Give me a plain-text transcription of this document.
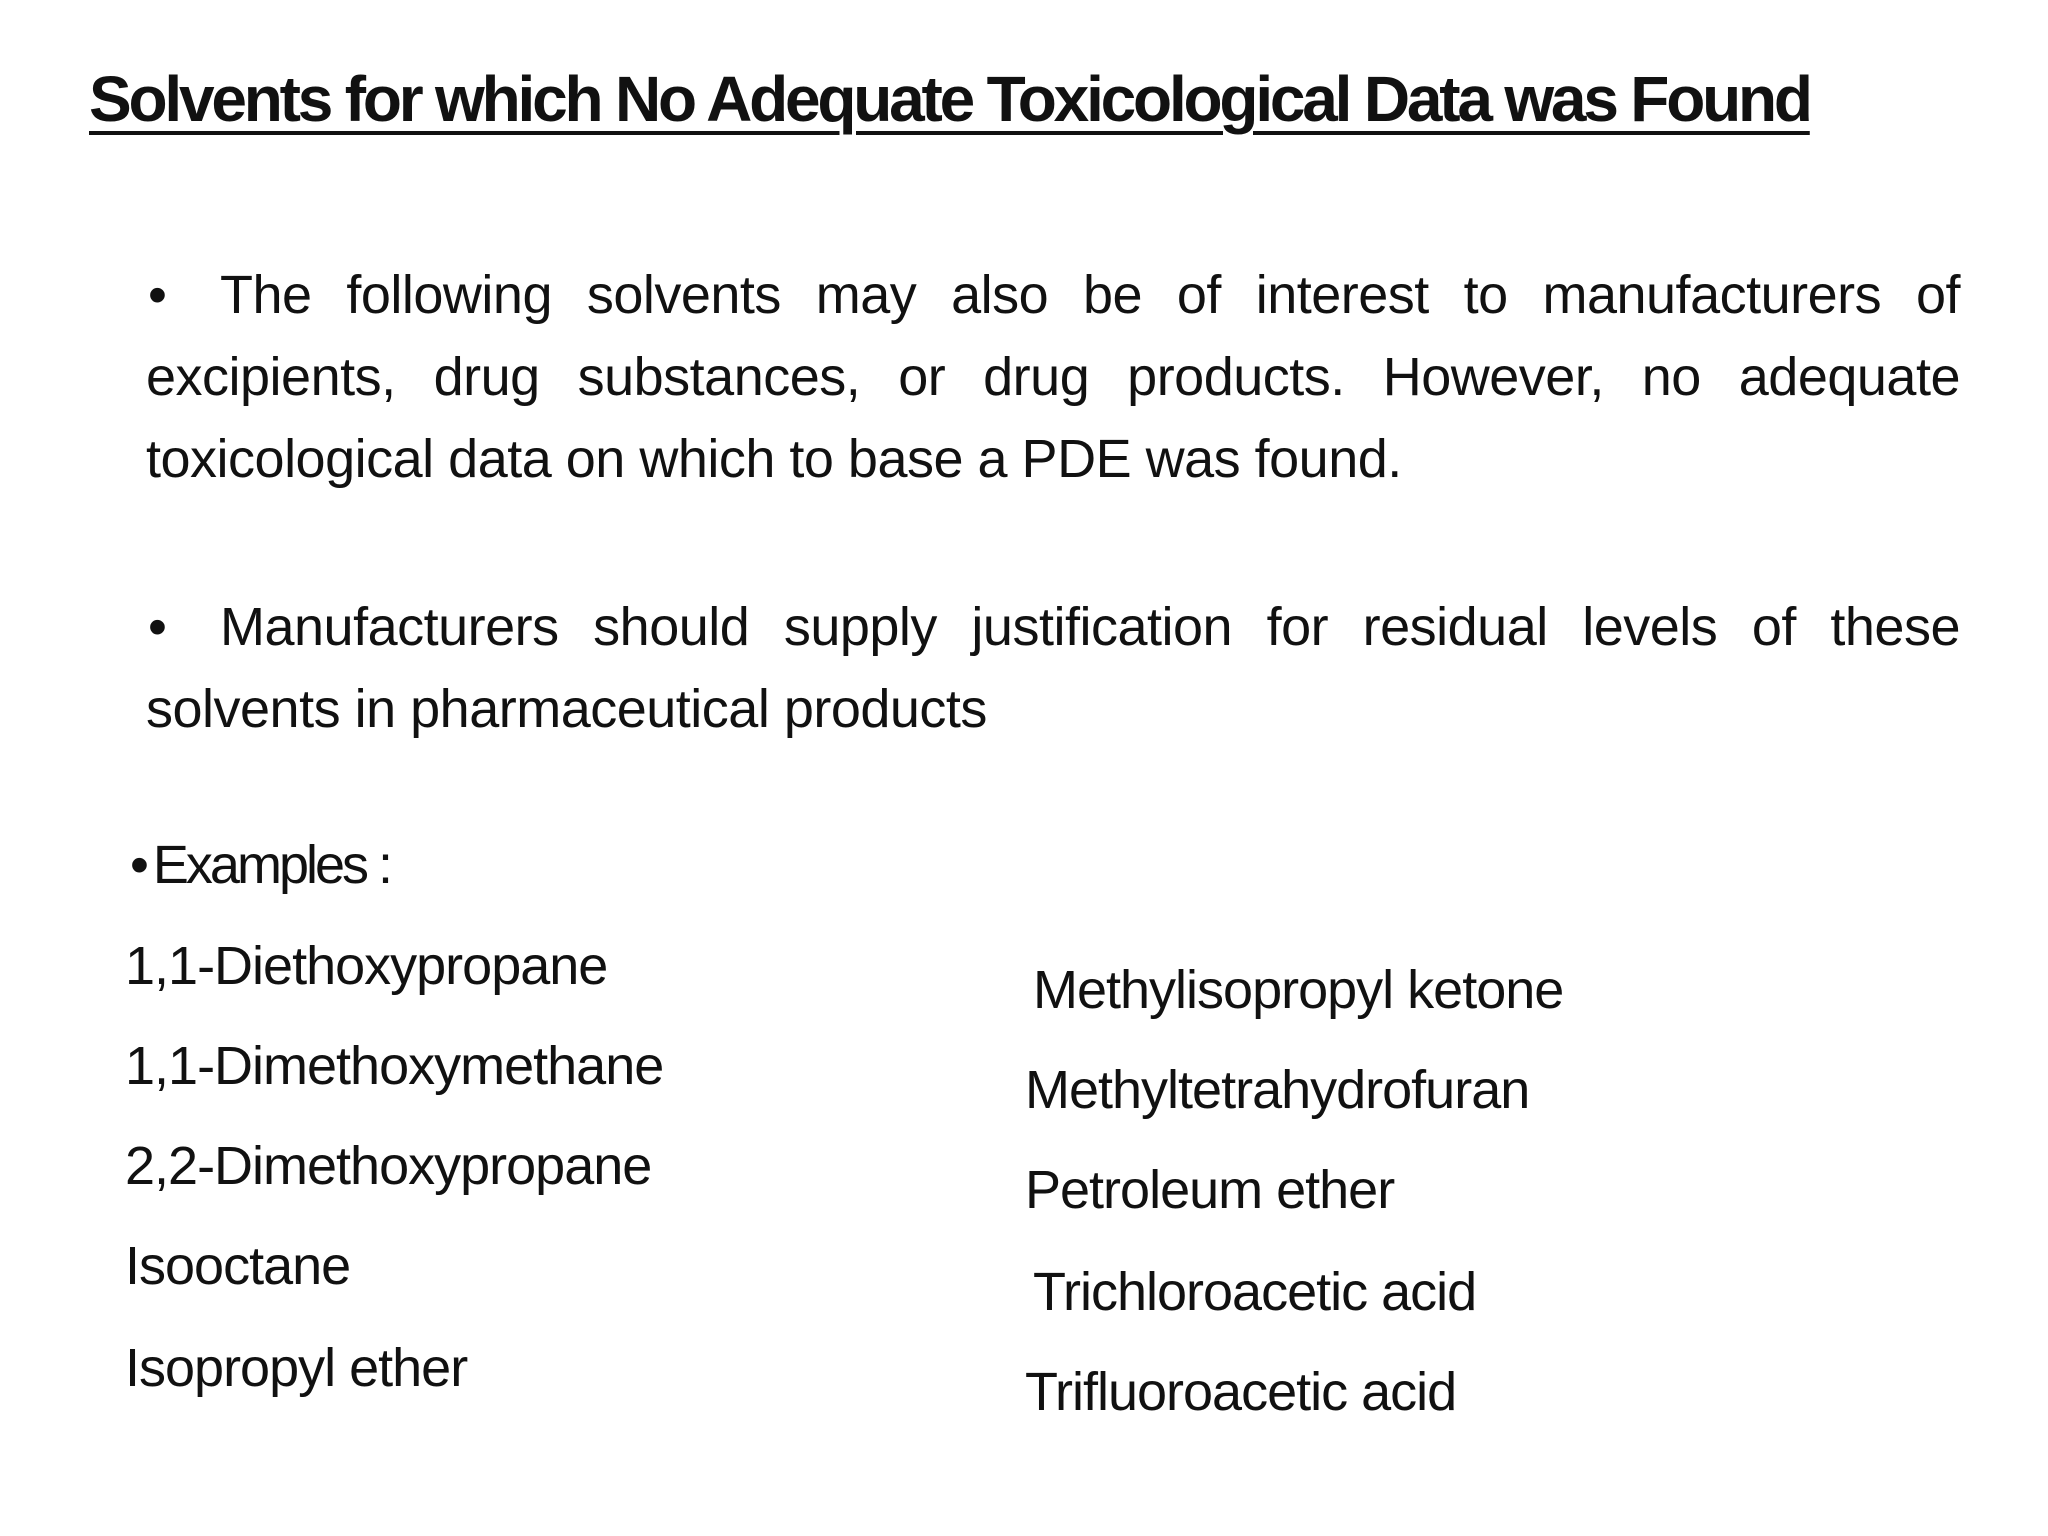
Solvents for which No Adequate Toxicological Data was Found

• The following solvents may also be of interest to manufacturers of excipients, drug substances, or drug products. However, no adequate toxicological data on which to base a PDE was found.

• Manufacturers should supply justification for residual levels of these solvents in pharmaceutical products

•Examples :

1,1-Diethoxypropane

1,1-Dimethoxymethane

2,2-Dimethoxypropane

Isooctane

Isopropyl ether

Methylisopropyl ketone

Methyltetrahydrofuran

Petroleum ether

Trichloroacetic acid

Trifluoroacetic acid
